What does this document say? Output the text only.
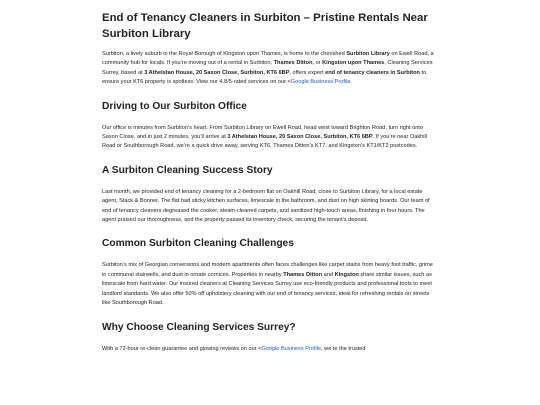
End of Tenancy Cleaners in Surbiton – Pristine Rentals Near Surbiton Library

Surbiton, a lively suburb in the Royal Borough of Kingston upon Thames, is home to the cherished Surbiton Library on Ewell Road, a community hub for locals. If you’re moving out of a rental in Surbiton, Thames Ditton, or Kingston upon Thames, Cleaning Services Surrey, based at 3 Athelstan House, 20 Saxon Close, Surbiton, KT6 6BP, offers expert end of tenancy cleaners in Surbiton to ensure your KT6 property is spotless. View our 4.8/5-rated services on our <Google Business Profile

Driving to Our Surbiton Office

Our office is minutes from Surbiton’s heart. From Surbiton Library on Ewell Road, head west toward Brighton Road, turn right onto Saxon Close, and in just 2 minutes, you’ll arrive at 3 Athelstan House, 20 Saxon Close, Surbiton, KT6 6BP. If you’re near Oakhill Road or Southborough Road, we’re a quick drive away, serving KT6, Thames Ditton’s KT7, and Kingston’s KT1/KT2 postcodes.

A Surbiton Cleaning Success Story

Last month, we provided end of tenancy cleaning for a 2-bedroom flat on Oakhill Road, close to Surbiton Library, for a local estate agent, Stack & Bonner. The flat had sticky kitchen surfaces, limescale in the bathroom, and dust on high skirting boards. Our team of end of tenancy cleaners degreased the cooker, steam-cleaned carpets, and sanitized high-touch areas, finishing in four hours. The agent praised our thoroughness, and the property passed its inventory check, securing the tenant’s deposit.

Common Surbiton Cleaning Challenges

Surbiton’s mix of Georgian conversions and modern apartments often faces challenges like carpet stains from heavy foot traffic, grime in communal stairwells, and dust in ornate cornices. Properties in nearby Thames Ditton and Kingston share similar issues, such as limescale from hard water. Our insured cleaners at Cleaning Services Surrey use eco-friendly products and professional tools to meet landlord standards. We also offer 50% off upholstery cleaning with our end of tenancy services, ideal for refreshing rentals on streets like Southborough Road.

Why Choose Cleaning Services Surrey?

With a 72-hour re-clean guarantee and glowing reviews on our <Google Business Profile, we’re the trusted
